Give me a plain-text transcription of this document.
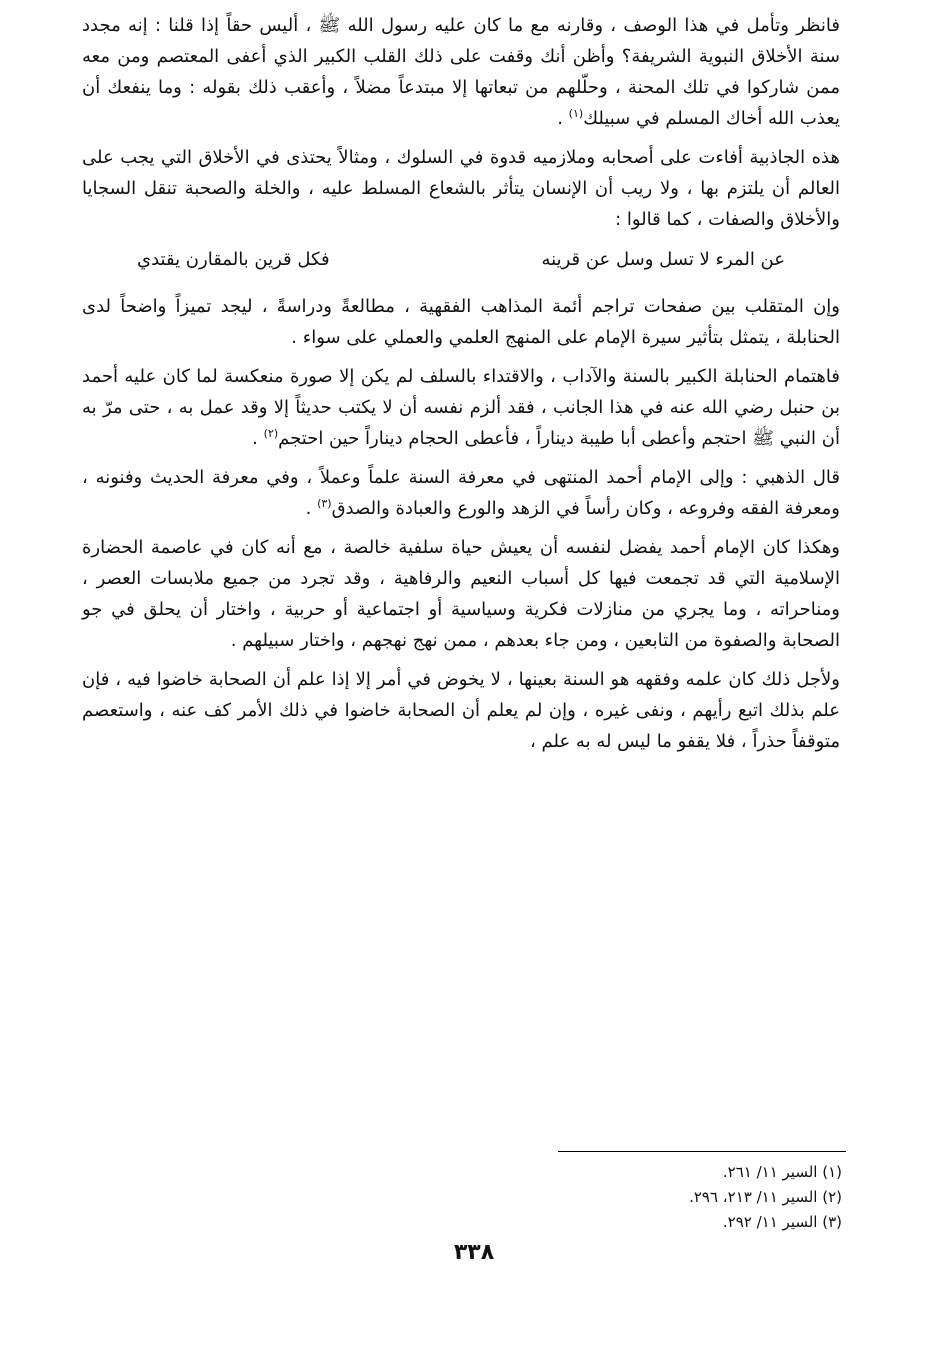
فانظر وتأمل في هذا الوصف ، وقارنه مع ما كان عليه رسول الله ﷺ ، أليس حقاً إذا قلنا : إنه مجدد سنة الأخلاق النبوية الشريفة؟ وأظن أنك وقفت على ذلك القلب الكبير الذي أعفى المعتصم ومن معه ممن شاركوا في تلك المحنة ، وحلّلهم من تبعاتها إلا مبتدعاً مضلاً ، وأعقب ذلك بقوله : وما ينفعك أن يعذب الله أخاك المسلم في سبيلك$^{(١)}$ .

هذه الجاذبية أفاءت على أصحابه وملازميه قدوة في السلوك ، ومثالاً يحتذى في الأخلاق التي يجب على العالم أن يلتزم بها ، ولا ريب أن الإنسان يتأثر بالشعاع المسلط عليه ، والخلة والصحبة تنقل السجايا والأخلاق والصفات ، كما قالوا :

عن المرء لا تسل وسل عن قرينه
فكل قرين بالمقارن يقتدي

وإن المتقلب بين صفحات تراجم أئمة المذاهب الفقهية ، مطالعةً ودراسةً ، ليجد تميزاً واضحاً لدى الحنابلة ، يتمثل بتأثير سيرة الإمام على المنهج العلمي والعملي على سواء .

فاهتمام الحنابلة الكبير بالسنة والآداب ، والاقتداء بالسلف لم يكن إلا صورة منعكسة لما كان عليه أحمد بن حنبل رضي الله عنه في هذا الجانب ، فقد ألزم نفسه أن لا يكتب حديثاً إلا وقد عمل به ، حتى مرّ به أن النبي ﷺ احتجم وأعطى أبا طيبة ديناراً ، فأعطى الحجام ديناراً حين احتجم$^{(٢)}$ .

قال الذهبي : وإلى الإمام أحمد المنتهى في معرفة السنة علماً وعملاً ، وفي معرفة الحديث وفنونه ، ومعرفة الفقه وفروعه ، وكان رأساً في الزهد والورع والعبادة والصدق$^{(٣)}$ .

وهكذا كان الإمام أحمد يفضل لنفسه أن يعيش حياة سلفية خالصة ، مع أنه كان في عاصمة الحضارة الإسلامية التي قد تجمعت فيها كل أسباب النعيم والرفاهية ، وقد تجرد من جميع ملابسات العصر ، ومناحراته ، وما يجري من منازلات فكرية وسياسية أو اجتماعية أو حربية ، واختار أن يحلق في جو الصحابة والصفوة من التابعين ، ومن جاء بعدهم ، ممن نهج نهجهم ، واختار سبيلهم .

ولأجل ذلك كان علمه وفقهه هو السنة بعينها ، لا يخوض في أمر إلا إذا علم أن الصحابة خاضوا فيه ، فإن علم بذلك اتبع رأيهم ، ونفى غيره ، وإن لم يعلم أن الصحابة خاضوا في ذلك الأمر كف عنه ، واستعصم متوقفاً حذراً ، فلا يقفو ما ليس له به علم ،

(١) السير ١١/ ٢٦١.

(٢) السير ١١/ ٢١٣، ٢٩٦.

(٣) السير ١١/ ٢٩٢.

٣٣٨
